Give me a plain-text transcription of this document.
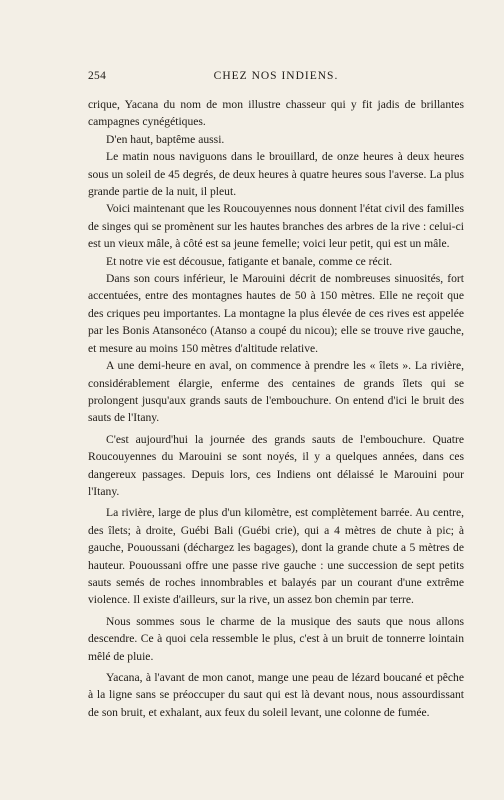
254	CHEZ NOS INDIENS.

crique, Yacana du nom de mon illustre chasseur qui y fit jadis de brillantes campagnes cynégétiques.

D'en haut, baptême aussi.

Le matin nous naviguons dans le brouillard, de onze heures à deux heures sous un soleil de 45 degrés, de deux heures à quatre heures sous l'averse. La plus grande partie de la nuit, il pleut.

Voici maintenant que les Roucouyennes nous donnent l'état civil des familles de singes qui se promènent sur les hautes branches des arbres de la rive : celui-ci est un vieux mâle, à côté est sa jeune femelle; voici leur petit, qui est un mâle.

Et notre vie est décousue, fatigante et banale, comme ce récit.

Dans son cours inférieur, le Marouini décrit de nombreuses sinuosités, fort accentuées, entre des montagnes hautes de 50 à 150 mètres. Elle ne reçoit que des criques peu importantes. La montagne la plus élevée de ces rives est appelée par les Bonis Atansonéco (Atanso a coupé du nicou); elle se trouve rive gauche, et mesure au moins 150 mètres d'altitude relative.

A une demi-heure en aval, on commence à prendre les « îlets ». La rivière, considérablement élargie, enferme des centaines de grands îlets qui se prolongent jusqu'aux grands sauts de l'embouchure. On entend d'ici le bruit des sauts de l'Itany.

C'est aujourd'hui la journée des grands sauts de l'embouchure. Quatre Roucouyennes du Marouini se sont noyés, il y a quelques années, dans ces dangereux passages. Depuis lors, ces Indiens ont délaissé le Marouini pour l'Itany.

La rivière, large de plus d'un kilomètre, est complètement barrée. Au centre, des îlets; à droite, Guébi Bali (Guébi crie), qui a 4 mètres de chute à pic; à gauche, Pououssani (déchargez les bagages), dont la grande chute a 5 mètres de hauteur. Pououssani offre une passe rive gauche : une succession de sept petits sauts semés de roches innombrables et balayés par un courant d'une extrême violence. Il existe d'ailleurs, sur la rive, un assez bon chemin par terre.

Nous sommes sous le charme de la musique des sauts que nous allons descendre. Ce à quoi cela ressemble le plus, c'est à un bruit de tonnerre lointain mêlé de pluie.

Yacana, à l'avant de mon canot, mange une peau de lézard boucané et pêche à la ligne sans se préoccuper du saut qui est là devant nous, nous assourdissant de son bruit, et exhalant, aux feux du soleil levant, une colonne de fumée.
